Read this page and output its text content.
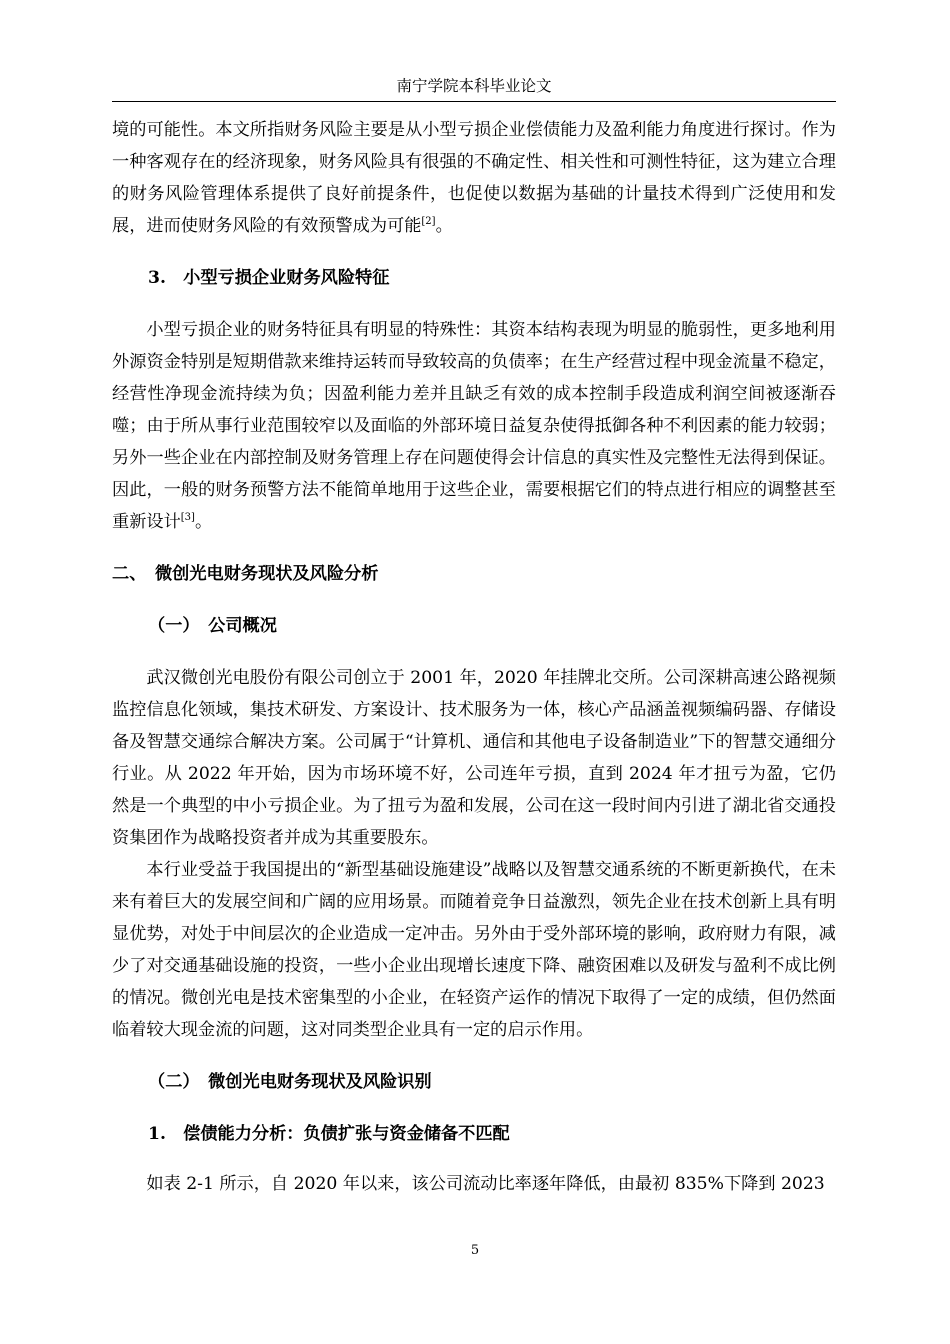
南宁学院本科毕业论文

境的可能性。本文所指财务风险主要是从小型亏损企业偿债能力及盈利能力角度进行探讨。作为一种客观存在的经济现象，财务风险具有很强的不确定性、相关性和可测性特征，这为建立合理的财务风险管理体系提供了良好前提条件，也促使以数据为基础的计量技术得到广泛使用和发展，进而使财务风险的有效预警成为可能[2]。

3.　小型亏损企业财务风险特征

小型亏损企业的财务特征具有明显的特殊性：其资本结构表现为明显的脆弱性，更多地利用外源资金特别是短期借款来维持运转而导致较高的负债率；在生产经营过程中现金流量不稳定，经营性净现金流持续为负；因盈利能力差并且缺乏有效的成本控制手段造成利润空间被逐渐吞噬；由于所从事行业范围较窄以及面临的外部环境日益复杂使得抵御各种不利因素的能力较弱；另外一些企业在内部控制及财务管理上存在问题使得会计信息的真实性及完整性无法得到保证。因此，一般的财务预警方法不能简单地用于这些企业，需要根据它们的特点进行相应的调整甚至重新设计[3]。

二、　微创光电财务现状及风险分析
（一）　公司概况

武汉微创光电股份有限公司创立于 2001 年，2020 年挂牌北交所。公司深耕高速公路视频监控信息化领域，集技术研发、方案设计、技术服务为一体，核心产品涵盖视频编码器、存储设备及智慧交通综合解决方案。公司属于“计算机、通信和其他电子设备制造业”下的智慧交通细分行业。从 2022 年开始，因为市场环境不好，公司连年亏损，直到 2024 年才扭亏为盈，它仍然是一个典型的中小亏损企业。为了扭亏为盈和发展，公司在这一段时间内引进了湖北省交通投资集团作为战略投资者并成为其重要股东。

本行业受益于我国提出的“新型基础设施建设”战略以及智慧交通系统的不断更新换代，在未来有着巨大的发展空间和广阔的应用场景。而随着竞争日益激烈，领先企业在技术创新上具有明显优势，对处于中间层次的企业造成一定冲击。另外由于受外部环境的影响，政府财力有限，减少了对交通基础设施的投资，一些小企业出现增长速度下降、融资困难以及研发与盈利不成比例的情况。微创光电是技术密集型的小企业，在轻资产运作的情况下取得了一定的成绩，但仍然面临着较大现金流的问题，这对同类型企业具有一定的启示作用。

（二）　微创光电财务现状及风险识别
1.　偿债能力分析：负债扩张与资金储备不匹配

如表 2-1 所示，自 2020 年以来，该公司流动比率逐年降低，由最初 835%下降到 2023

5
